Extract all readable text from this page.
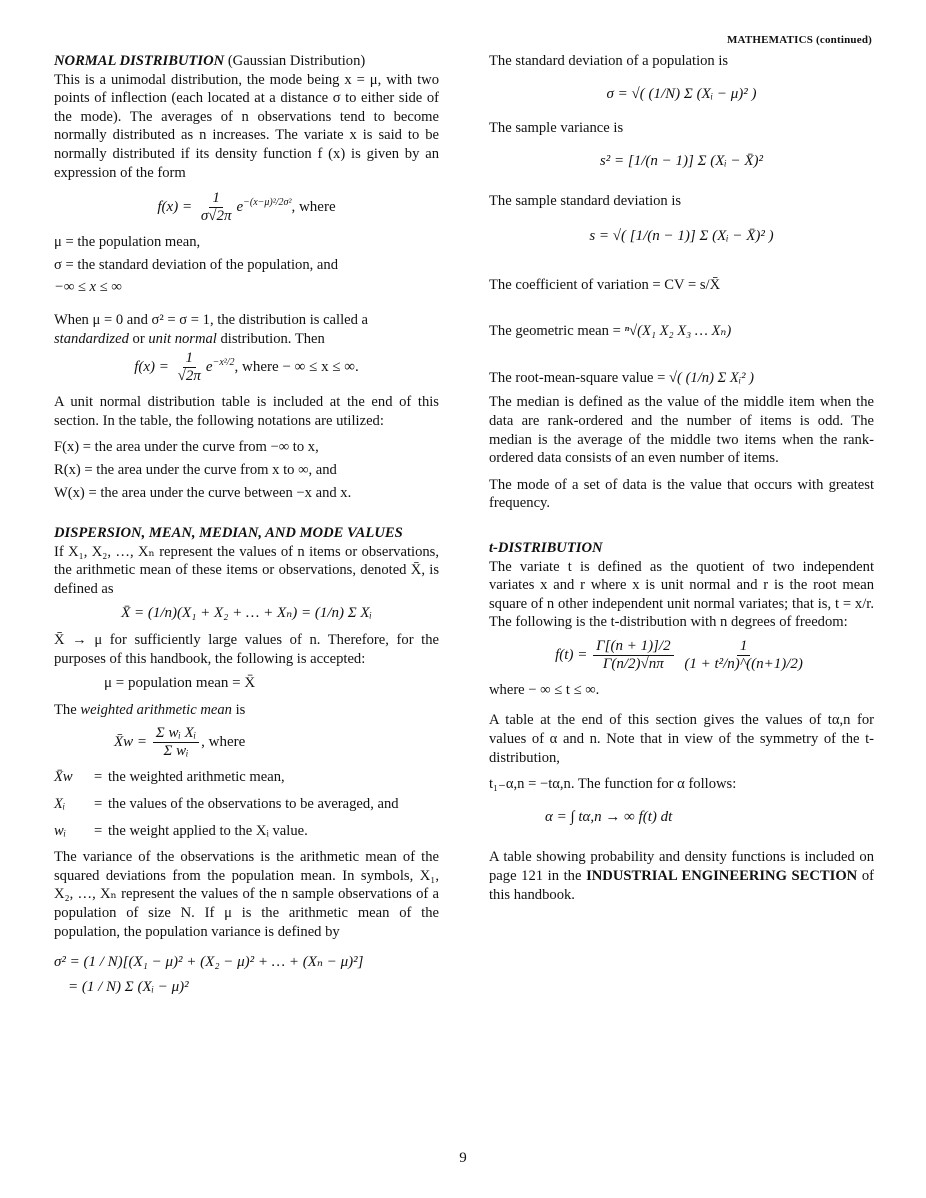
MATHEMATICS (continued)

NORMAL DISTRIBUTION (Gaussian Distribution)

This is a unimodal distribution, the mode being x = μ, with two points of inflection (each located at a distance σ to either side of the mode). The averages of n observations tend to become normally distributed as n increases. The variate x is said to be normally distributed if its density function f (x) is given by an expression of the form

$f(x) = \frac{1}{\sigma√2\pi} e^{-(x-\mu)^2/2\sigma^2}$, where
μ = the population mean,
σ = the standard deviation of the population, and
−∞ ≤ x ≤ ∞

When μ = 0 and σ² = σ = 1, the distribution is called a

standardized or unit normal distribution. Then

$f(x) = \frac{1}{√2\pi} e^{-x^2/2}$, where − ∞ ≤ x ≤ ∞.

A unit normal distribution table is included at the end of this section. In the table, the following notations are utilized:

F(x) = the area under the curve from −∞ to x,
R(x) = the area under the curve from x to ∞, and
W(x) = the area under the curve between −x and x.

DISPERSION, MEAN, MEDIAN, AND MODE VALUES

If X₁, X₂, …, Xₙ represent the values of n items or observations, the arithmetic mean of these items or observations, denoted X̄, is defined as

X̄ = (1/n)(X₁ + X₂ + … + Xₙ) = (1/n) Σ Xᵢ

X̄ → μ for sufficiently large values of n. Therefore, for the purposes of this handbook, the following is accepted:

μ = population mean = X̄

The weighted arithmetic mean is

X̄w = $\frac{\text{Σ wᵢ Xᵢ}}{\text{Σ wᵢ}}$ , where
X̄w	= the weighted arithmetic mean,
Xᵢ	= the values of the observations to be averaged, and
wᵢ	= the weight applied to the Xᵢ value.

The variance of the observations is the arithmetic mean of the squared deviations from the population mean. In symbols, X₁, X₂, …, Xₙ represent the values of the n sample observations of a population of size N. If μ is the arithmetic mean of the population, the population variance is defined by

σ² = (1 / N)[(X₁ − μ)² + (X₂ − μ)² + … + (Xₙ − μ)²]
= (1 / N) Σ (Xᵢ − μ)²

The standard deviation of a population is

σ = √( (1/N) Σ (Xᵢ − μ)² )

The sample variance is

s² = [1/(n − 1)] Σ (Xᵢ − X̄)²

The sample standard deviation is

s = √( [1/(n − 1)] Σ (Xᵢ − X̄)² )

The coefficient of variation = CV = s/X̄

The geometric mean = ⁿ√(X₁ X₂ X₃ … Xₙ)

The root-mean-square value = √( (1/n) Σ Xᵢ² )

The median is defined as the value of the middle item when the data are rank-ordered and the number of items is odd. The median is the average of the middle two items when the rank-ordered data consists of an even number of items.

The mode of a set of data is the value that occurs with greatest frequency.

t-DISTRIBUTION

The variate t is defined as the quotient of two independent variates x and r where x is unit normal and r is the root mean square of n other independent unit normal variates; that is, t = x/r. The following is the t-distribution with n degrees of freedom:

$f(t) = \frac{\Gamma[(n + 1)]/2}{\Gamma(n/2)√n\pi}$
$\frac{1}{\text{(1 + t²/n)\textasciicircum{}((n+1)/2)}}$

where − ∞ ≤ t ≤ ∞.

A table at the end of this section gives the values of tα,n for values of α and n. Note that in view of the symmetry of the t-distribution,

t₁₋α,n = −tα,n. The function for α follows:

α = ∫ tα,n → ∞ f(t) dt

A table showing probability and density functions is included on page 121 in the INDUSTRIAL ENGINEERING SECTION of this handbook.

9
